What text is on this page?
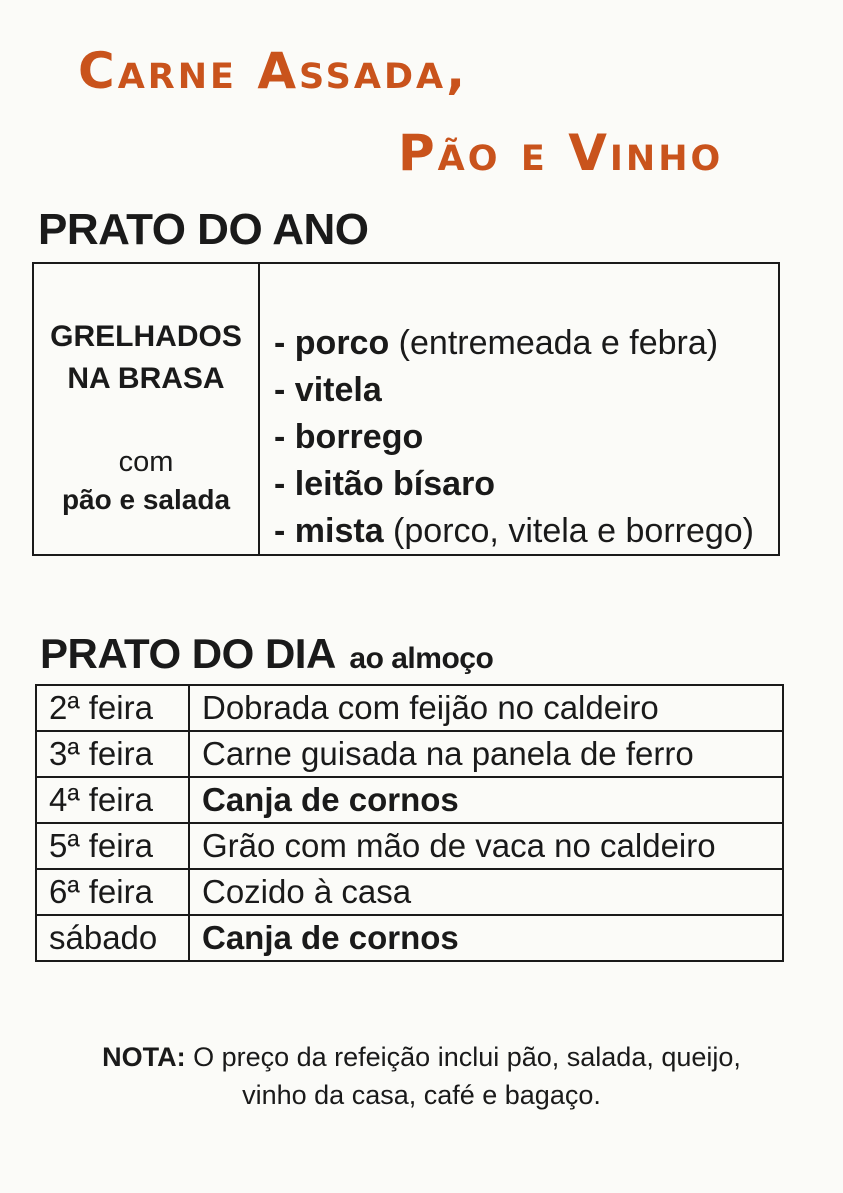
Carne Assada,
Pão e Vinho
PRATO DO ANO
GRELHADOS
NA BRASA
com
pão e salada
- porco (entremeada e febra)
- vitela
- borrego
- leitão bísaro
- mista (porco, vitela e borrego)
PRATO DO DIA ao almoço
2ª feira	Dobrada com feijão no caldeiro
3ª feira	Carne guisada na panela de ferro
4ª feira	Canja de cornos
5ª feira	Grão com mão de vaca no caldeiro
6ª feira	Cozido à casa
sábado	Canja de cornos
NOTA: O preço da refeição inclui pão, salada, queijo,
vinho da casa, café e bagaço.
